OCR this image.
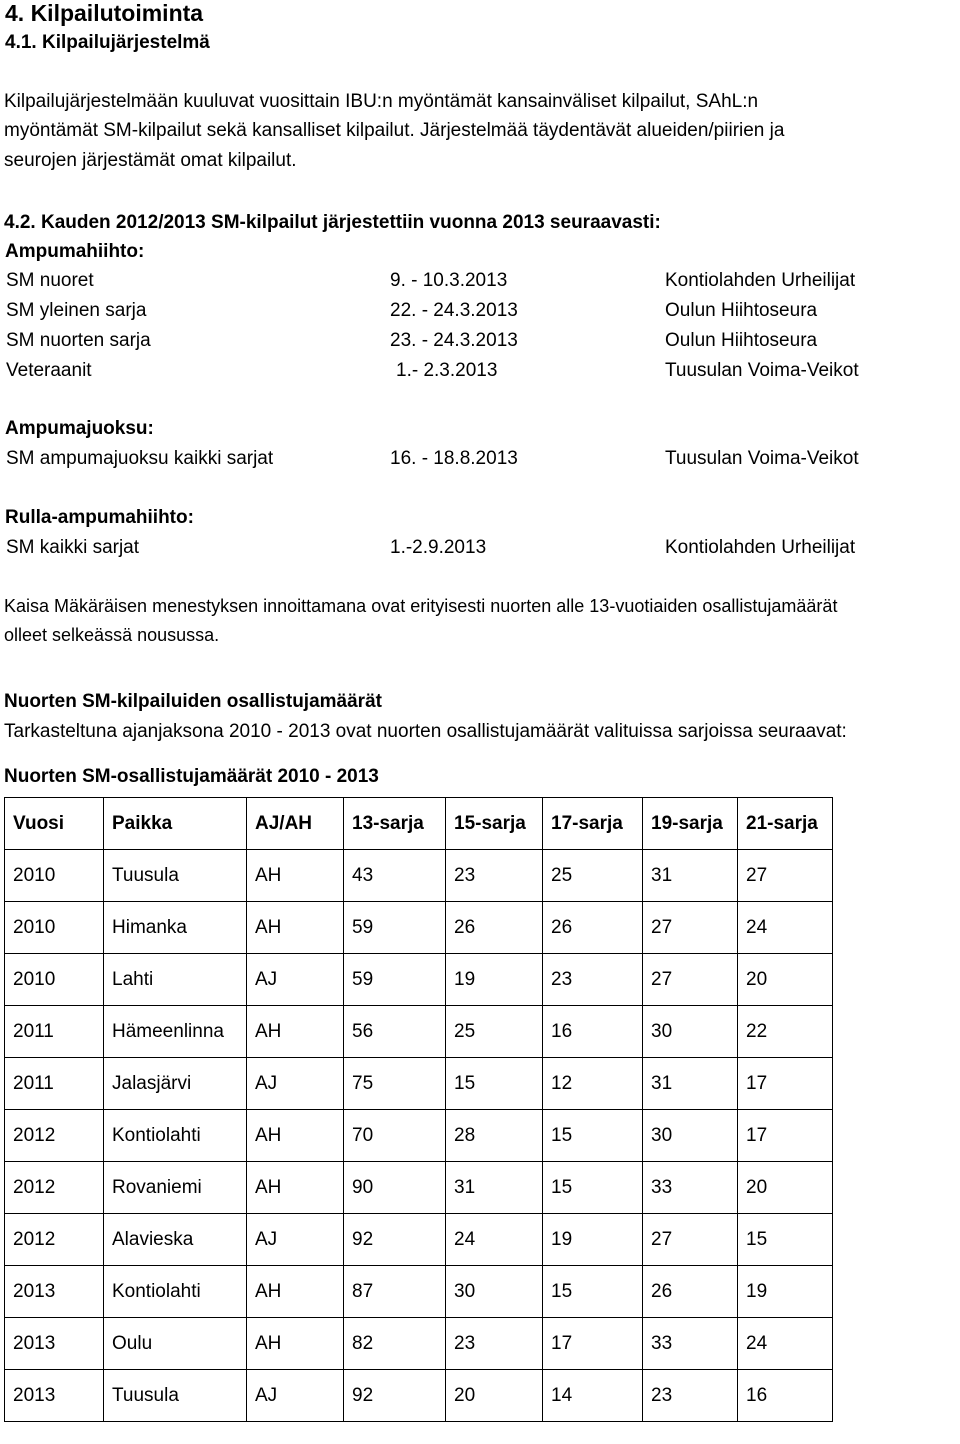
4. Kilpailutoiminta
4.1. Kilpailujärjestelmä
Kilpailujärjestelmään kuuluvat vuosittain IBU:n myöntämät kansainväliset kilpailut, SAhL:n
myöntämät SM-kilpailut sekä kansalliset kilpailut. Järjestelmää täydentävät alueiden/piirien ja
seurojen järjestämät omat kilpailut.
4.2. Kauden 2012/2013 SM-kilpailut järjestettiin vuonna 2013 seuraavasti:
Ampumahiihto:
SM nuoret	9. - 10.3.2013	Kontiolahden Urheilijat
SM yleinen sarja	22. - 24.3.2013	Oulun Hiihtoseura
SM nuorten sarja	23. - 24.3.2013	Oulun Hiihtoseura
Veteraanit	1.- 2.3.2013	Tuusulan Voima-Veikot
Ampumajuoksu:
SM ampumajuoksu kaikki sarjat	16. - 18.8.2013	Tuusulan Voima-Veikot
Rulla-ampumahiihto:
SM kaikki sarjat	1.-2.9.2013	Kontiolahden Urheilijat
Kaisa Mäkäräisen menestyksen innoittamana ovat erityisesti nuorten alle 13-vuotiaiden osallistujamäärät
olleet selkeässä nousussa.
Nuorten SM-kilpailuiden osallistujamäärät
Tarkasteltuna ajanjaksona 2010 - 2013 ovat nuorten osallistujamäärät valituissa sarjoissa seuraavat:
Nuorten SM-osallistujamäärät 2010 - 2013
Vuosi	Paikka	AJ/AH	13-sarja	15-sarja	17-sarja	19-sarja	21-sarja
2010	Tuusula	AH	43	23	25	31	27
2010	Himanka	AH	59	26	26	27	24
2010	Lahti	AJ	59	19	23	27	20
2011	Hämeenlinna	AH	56	25	16	30	22
2011	Jalasjärvi	AJ	75	15	12	31	17
2012	Kontiolahti	AH	70	28	15	30	17
2012	Rovaniemi	AH	90	31	15	33	20
2012	Alavieska	AJ	92	24	19	27	15
2013	Kontiolahti	AH	87	30	15	26	19
2013	Oulu	AH	82	23	17	33	24
2013	Tuusula	AJ	92	20	14	23	16
